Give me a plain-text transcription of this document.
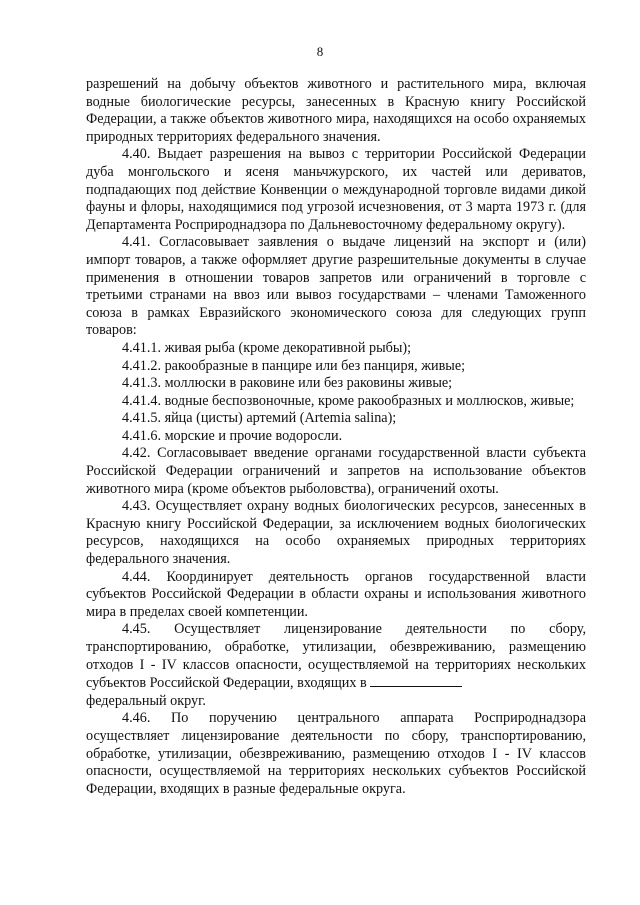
8

разрешений на добычу объектов животного и растительного мира, включая водные биологические ресурсы, занесенных в Красную книгу Российской Федерации, а также объектов животного мира, находящихся на особо охраняемых природных территориях федерального значения.

4.40. Выдает разрешения на вывоз с территории Российской Федерации дуба монгольского и ясеня маньчжурского, их частей или дериватов, подпадающих под действие Конвенции о международной торговле видами дикой фауны и флоры, находящимися под угрозой исчезновения, от 3 марта 1973 г. (для Департамента Росприроднадзора по Дальневосточному федеральному округу).

4.41. Согласовывает заявления о выдаче лицензий на экспорт и (или) импорт товаров, а также оформляет другие разрешительные документы в случае применения в отношении товаров запретов или ограничений в торговле с третьими странами на ввоз или вывоз государствами – членами Таможенного союза в рамках Евразийского экономического союза для следующих групп товаров:

4.41.1. живая рыба (кроме декоративной рыбы);

4.41.2. ракообразные в панцире или без панциря, живые;

4.41.3. моллюски в раковине или без раковины живые;

4.41.4. водные беспозвоночные, кроме ракообразных и моллюсков, живые;

4.41.5. яйца (цисты) артемий (Artemia salina);

4.41.6. морские и прочие водоросли.

4.42. Согласовывает введение органами государственной власти субъекта Российской Федерации ограничений и запретов на использование объектов животного мира (кроме объектов рыболовства), ограничений охоты.

4.43. Осуществляет охрану водных биологических ресурсов, занесенных в Красную книгу Российской Федерации, за исключением водных биологических ресурсов, находящихся на особо охраняемых природных территориях федерального значения.

4.44. Координирует деятельность органов государственной власти субъектов Российской Федерации в области охраны и использования животного мира в пределах своей компетенции.

4.45. Осуществляет лицензирование деятельности по сбору, транспортированию, обработке, утилизации, обезвреживанию, размещению отходов I - IV классов опасности, осуществляемой на территориях нескольких субъектов Российской Федерации, входящих в

федеральный округ.

4.46. По поручению центрального аппарата Росприроднадзора осуществляет лицензирование деятельности по сбору, транспортированию, обработке, утилизации, обезвреживанию, размещению отходов I - IV классов опасности, осуществляемой на территориях нескольких субъектов Российской Федерации, входящих в разные федеральные округа.
